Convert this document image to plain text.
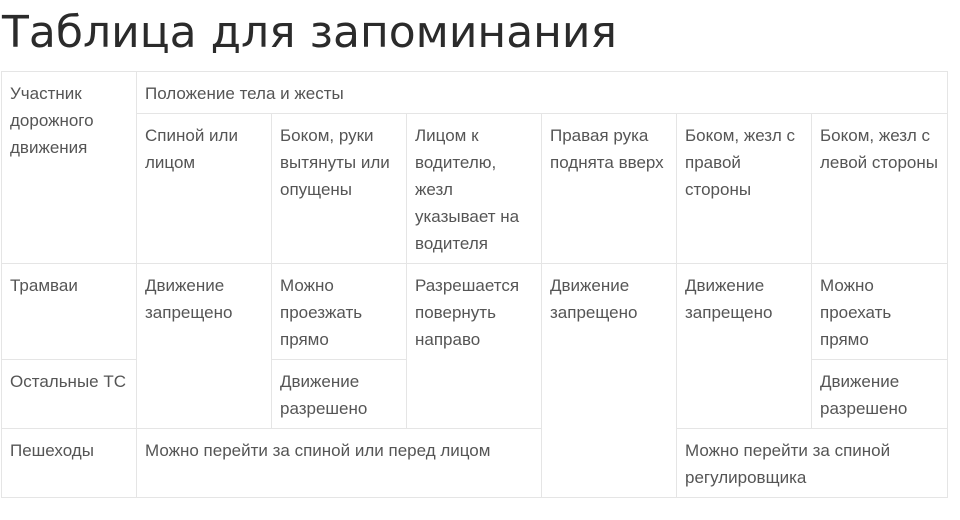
Таблица для запоминания
Участник дорожного движения	Положение тела и жесты					
	Спиной или лицом	Боком, руки вытянуты или опущены	Лицом к водителю, жезл указывает на водителя	Правая рука поднята вверх	Боком, жезл с правой стороны	Боком, жезл с левой стороны
Трамваи	Движение запрещено	Можно проезжать прямо	Разрешается повернуть направо	Движение запрещено	Движение запрещено	Можно проехать прямо
Остальные ТС		Движение разрешено				Движение разрешено
Пешеходы	Можно перейти за спиной или перед лицом				Можно перейти за спиной регулировщика	
